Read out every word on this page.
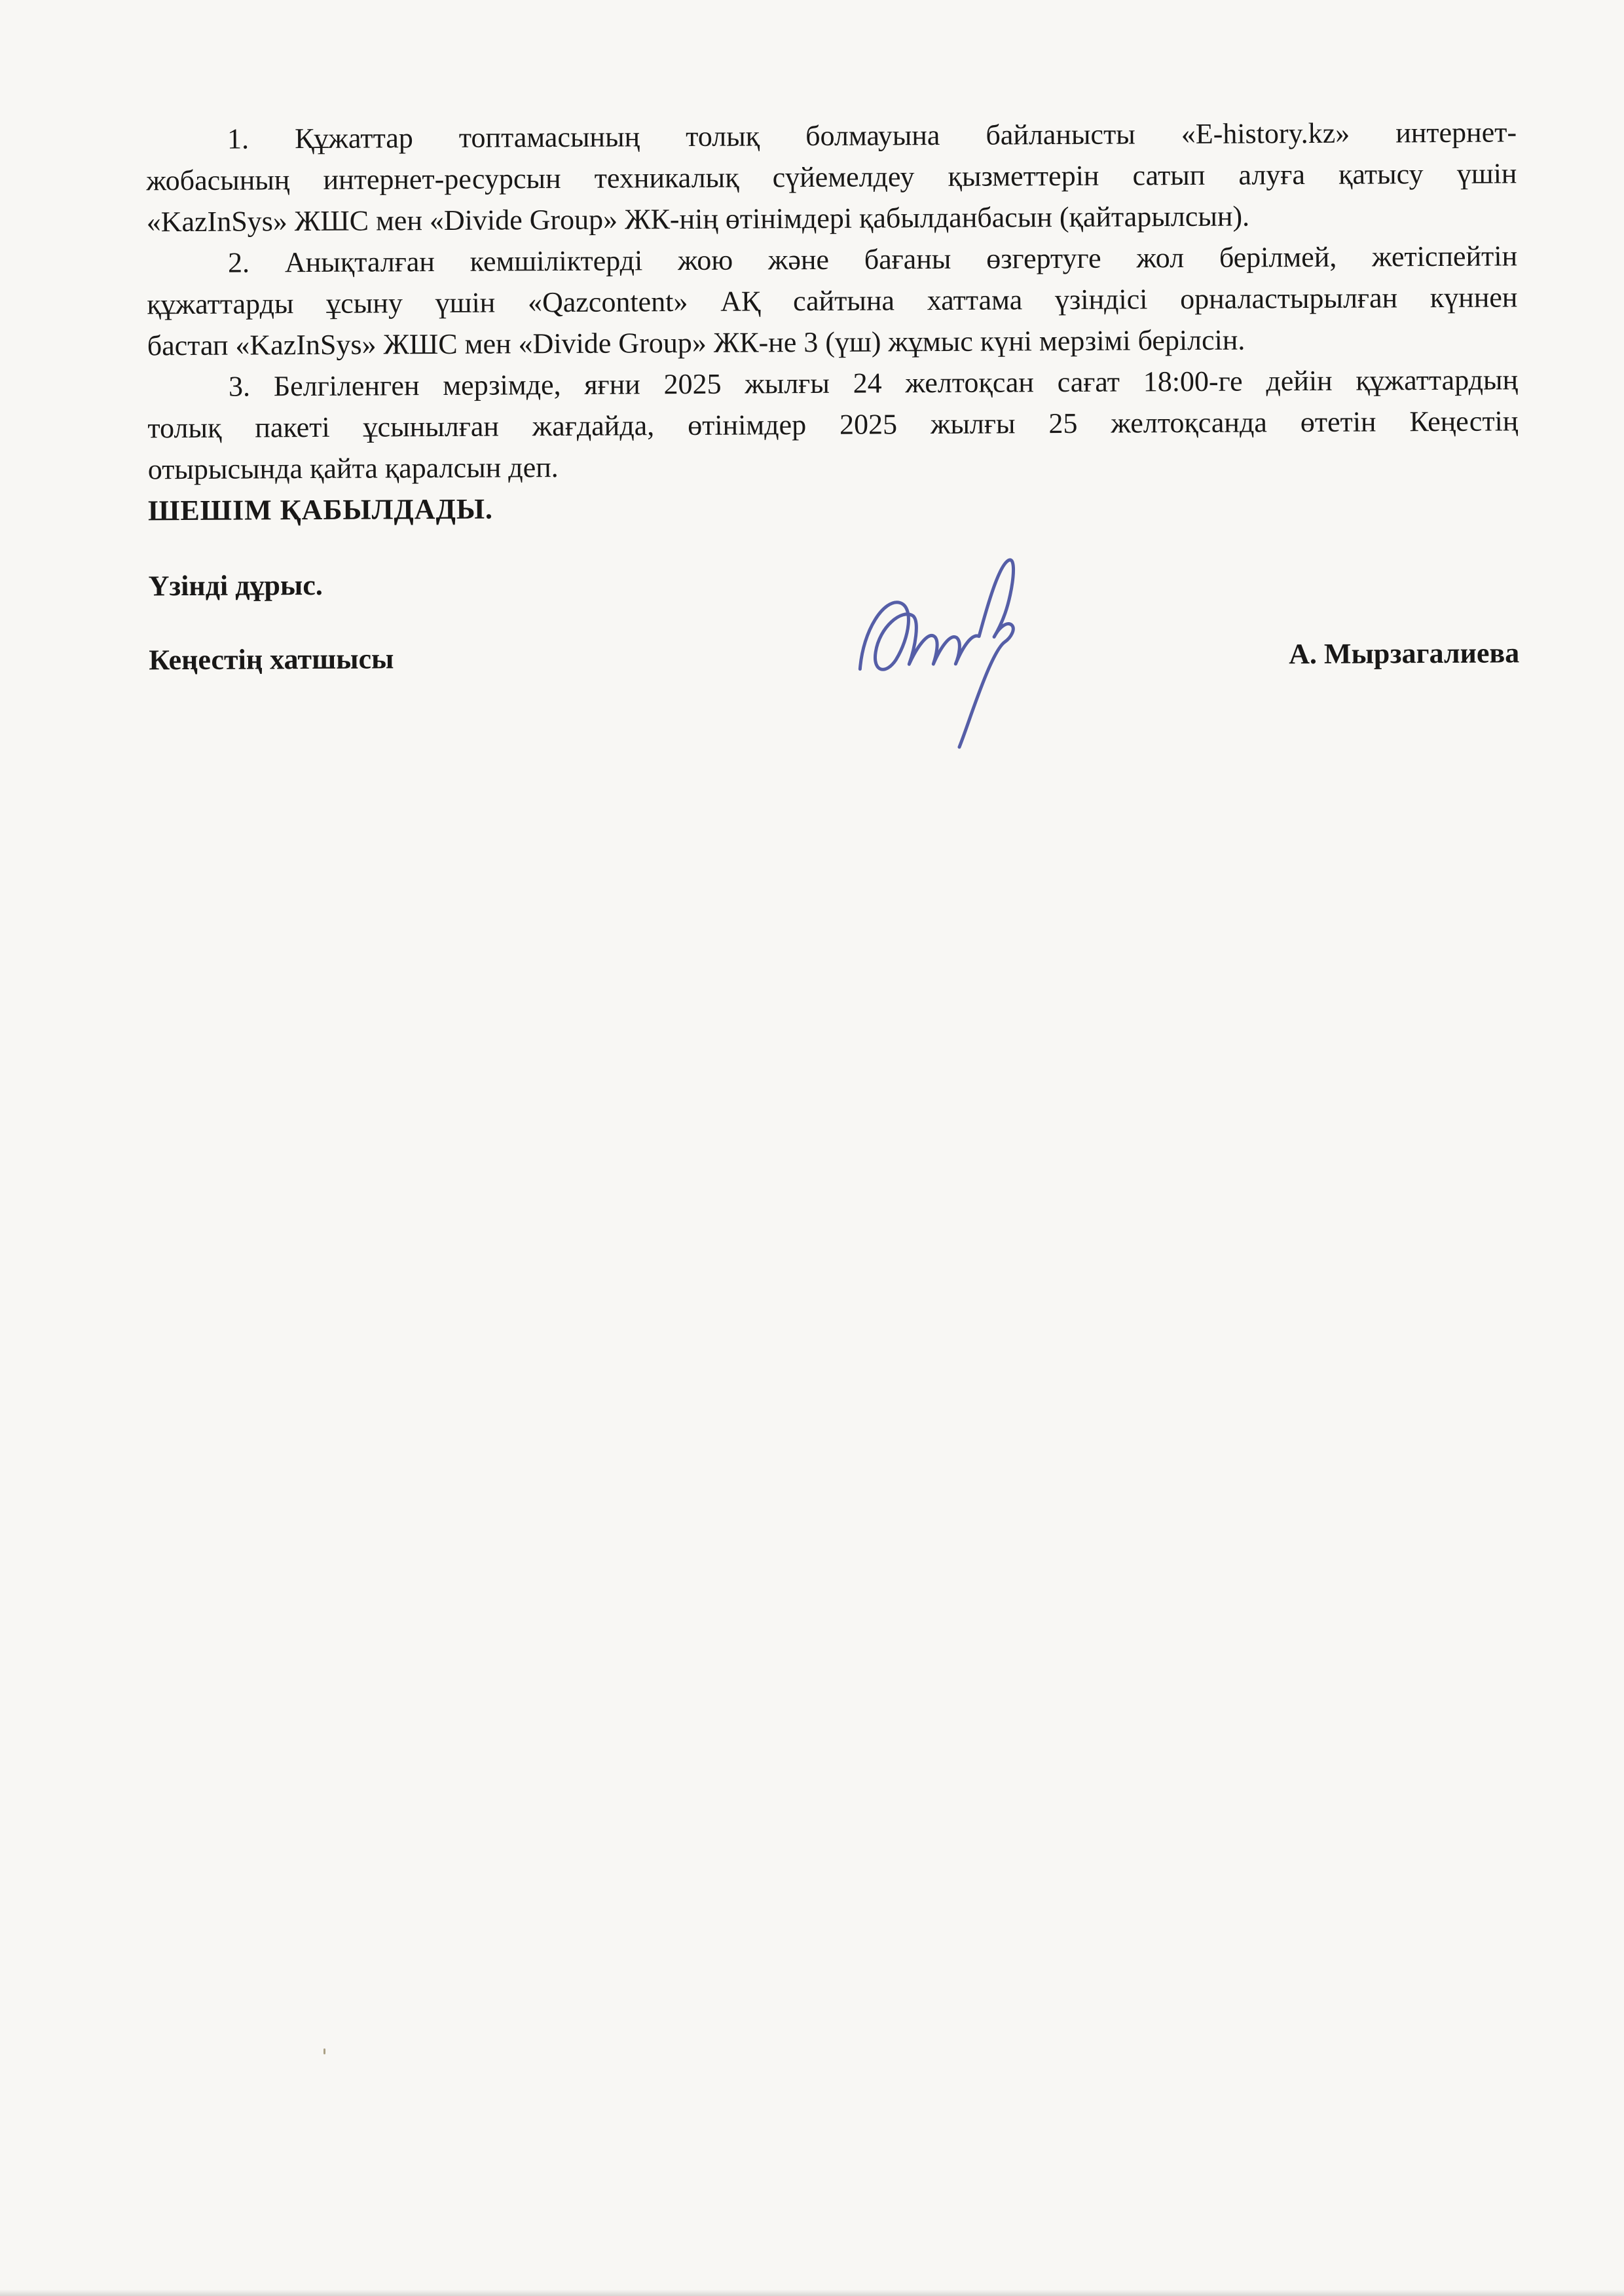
1. Құжаттар топтамасының толық болмауына байланысты «E-history.kz» интернет-

жобасының интернет-ресурсын техникалық сүйемелдеу қызметтерін сатып алуға қатысу үшін

«KazInSys» ЖШС мен «Divide Group» ЖК-нің өтінімдері қабылданбасын (қайтарылсын).

2. Анықталған кемшіліктерді жою және бағаны өзгертуге жол берілмей, жетіспейтін

құжаттарды ұсыну үшін «Qazcontent» АҚ сайтына хаттама үзіндісі орналастырылған күннен

бастап «KazInSys» ЖШС мен «Divide Group» ЖК-не 3 (үш) жұмыс күні мерзімі берілсін.

3. Белгіленген мерзімде, яғни 2025 жылғы 24 желтоқсан сағат 18:00-ге дейін құжаттардың

толық пакеті ұсынылған жағдайда, өтінімдер 2025 жылғы 25 желтоқсанда өтетін Кеңестің

отырысында қайта қаралсын деп.

ШЕШІМ ҚАБЫЛДАДЫ.

Үзінді дұрыс.

Кеңестің хатшысы	А. Мырзагалиева
